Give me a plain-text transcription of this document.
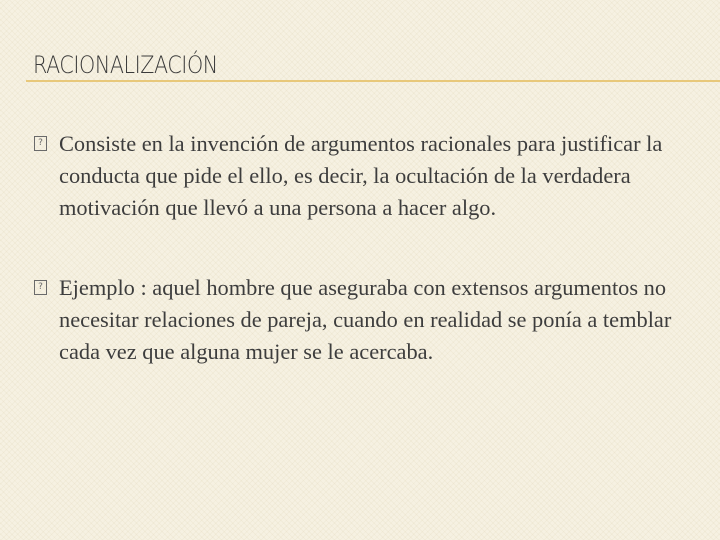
RACIONALIZACIÓN
? Consiste en la invención de argumentos racionales para justificar la conducta que pide el ello, es decir, la ocultación de la verdadera motivación que llevó a una persona a hacer algo.
? Ejemplo : aquel hombre que aseguraba con extensos argumentos no necesitar relaciones de pareja, cuando en realidad se ponía a temblar cada vez que alguna mujer se le acercaba.
